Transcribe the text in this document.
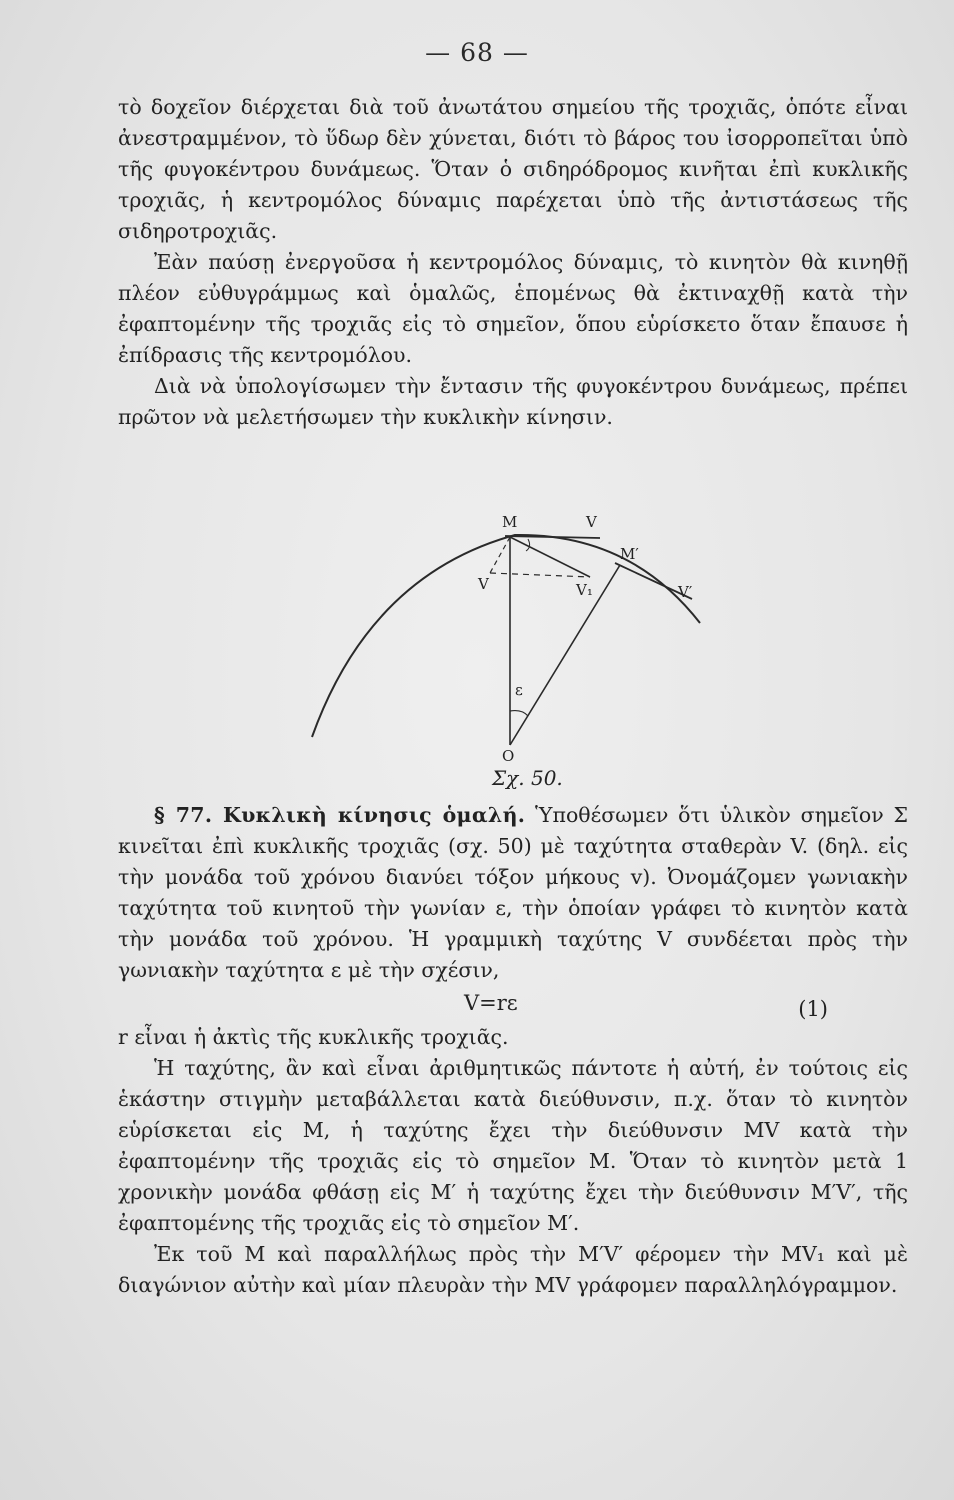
— 68 —

τὸ δοχεῖον διέρχεται διὰ τοῦ ἀνωτάτου σημείου τῆς τροχιᾶς, ὁπότε εἶναι ἀνεστραμμένον, τὸ ὕδωρ δὲν χύνεται, διότι τὸ βάρος του ἰσορροπεῖται ὑπὸ τῆς φυγοκέντρου δυνάμεως. Ὅταν ὁ σιδηρόδρομος κινῆται ἐπὶ κυκλικῆς τροχιᾶς, ἡ κεντρομόλος δύναμις παρέχεται ὑπὸ τῆς ἀντιστάσεως τῆς σιδηροτροχιᾶς.

Ἐὰν παύσῃ ἐνεργοῦσα ἡ κεντρομόλος δύναμις, τὸ κινητὸν θὰ κινηθῇ πλέον εὐθυγράμμως καὶ ὁμαλῶς, ἑπομένως θὰ ἐκτιναχθῇ κατὰ τὴν ἐφαπτομένην τῆς τροχιᾶς εἰς τὸ σημεῖον, ὅπου εὑρίσκετο ὅταν ἔπαυσε ἡ ἐπίδρασις τῆς κεντρομόλου.

Διὰ νὰ ὑπολογίσωμεν τὴν ἔντασιν τῆς φυγοκέντρου δυνάμεως, πρέπει πρῶτον νὰ μελετήσωμεν τὴν κυκλικὴν κίνησιν.

M	V
M′
V′
V	V₁
ε
O
Σχ. 50.

§ 77. Κυκλικὴ κίνησις ὁμαλή. Ὑποθέσωμεν ὅτι ὑλικὸν σημεῖον Σ κινεῖται ἐπὶ κυκλικῆς τροχιᾶς (σχ. 50) μὲ ταχύτητα σταθερὰν V. (δηλ. εἰς τὴν μονάδα τοῦ χρόνου διανύει τόξον μήκους v). Ὀνομάζομεν γωνιακὴν ταχύτητα τοῦ κινητοῦ τὴν γωνίαν ε, τὴν ὁποίαν γράφει τὸ κινητὸν κατὰ τὴν μονάδα τοῦ χρόνου. Ἡ γραμμικὴ ταχύτης V συνδέεται πρὸς τὴν γωνιακὴν ταχύτητα ε μὲ τὴν σχέσιν,

V=rε	(1)

r εἶναι ἡ ἀκτὶς τῆς κυκλικῆς τροχιᾶς.

Ἡ ταχύτης, ἂν καὶ εἶναι ἀριθμητικῶς πάντοτε ἡ αὐτή, ἐν τούτοις εἰς ἑκάστην στιγμὴν μεταβάλλεται κατὰ διεύθυνσιν, π.χ. ὅταν τὸ κινητὸν εὑρίσκεται εἰς Μ, ἡ ταχύτης ἔχει τὴν διεύθυνσιν MV κατὰ τὴν ἐφαπτομένην τῆς τροχιᾶς εἰς τὸ σημεῖον Μ. Ὅταν τὸ κινητὸν μετὰ 1 χρονικὴν μονάδα φθάσῃ εἰς Μ′ ἡ ταχύτης ἔχει τὴν διεύθυνσιν M′V′, τῆς ἐφαπτομένης τῆς τροχιᾶς εἰς τὸ σημεῖον Μ′.

Ἐκ τοῦ Μ καὶ παραλλήλως πρὸς τὴν M′V′ φέρομεν τὴν MV₁ καὶ μὲ διαγώνιον αὐτὴν καὶ μίαν πλευρὰν τὴν MV γράφομεν παραλληλόγραμμον.
